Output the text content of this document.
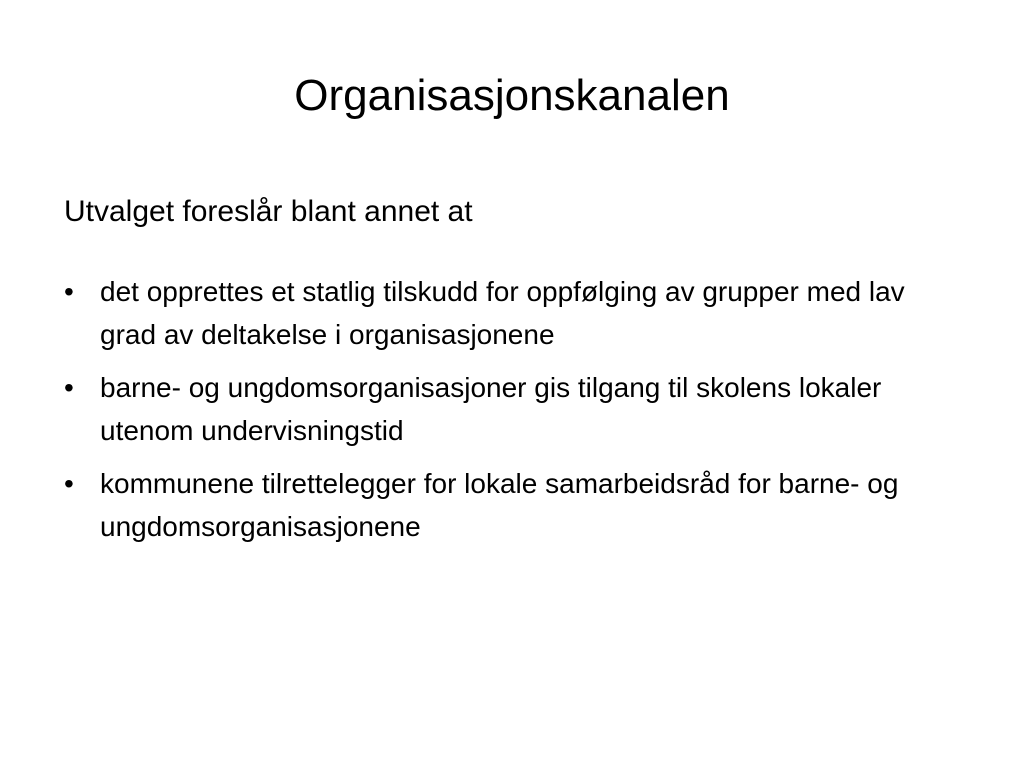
Organisasjonskanalen

Utvalget foreslår blant annet at

• det opprettes et statlig tilskudd for oppfølging av grupper med lav grad av deltakelse i organisasjonene
• barne- og ungdomsorganisasjoner gis tilgang til skolens lokaler utenom undervisningstid
• kommunene tilrettelegger for lokale samarbeidsråd for barne- og ungdomsorganisasjonene
